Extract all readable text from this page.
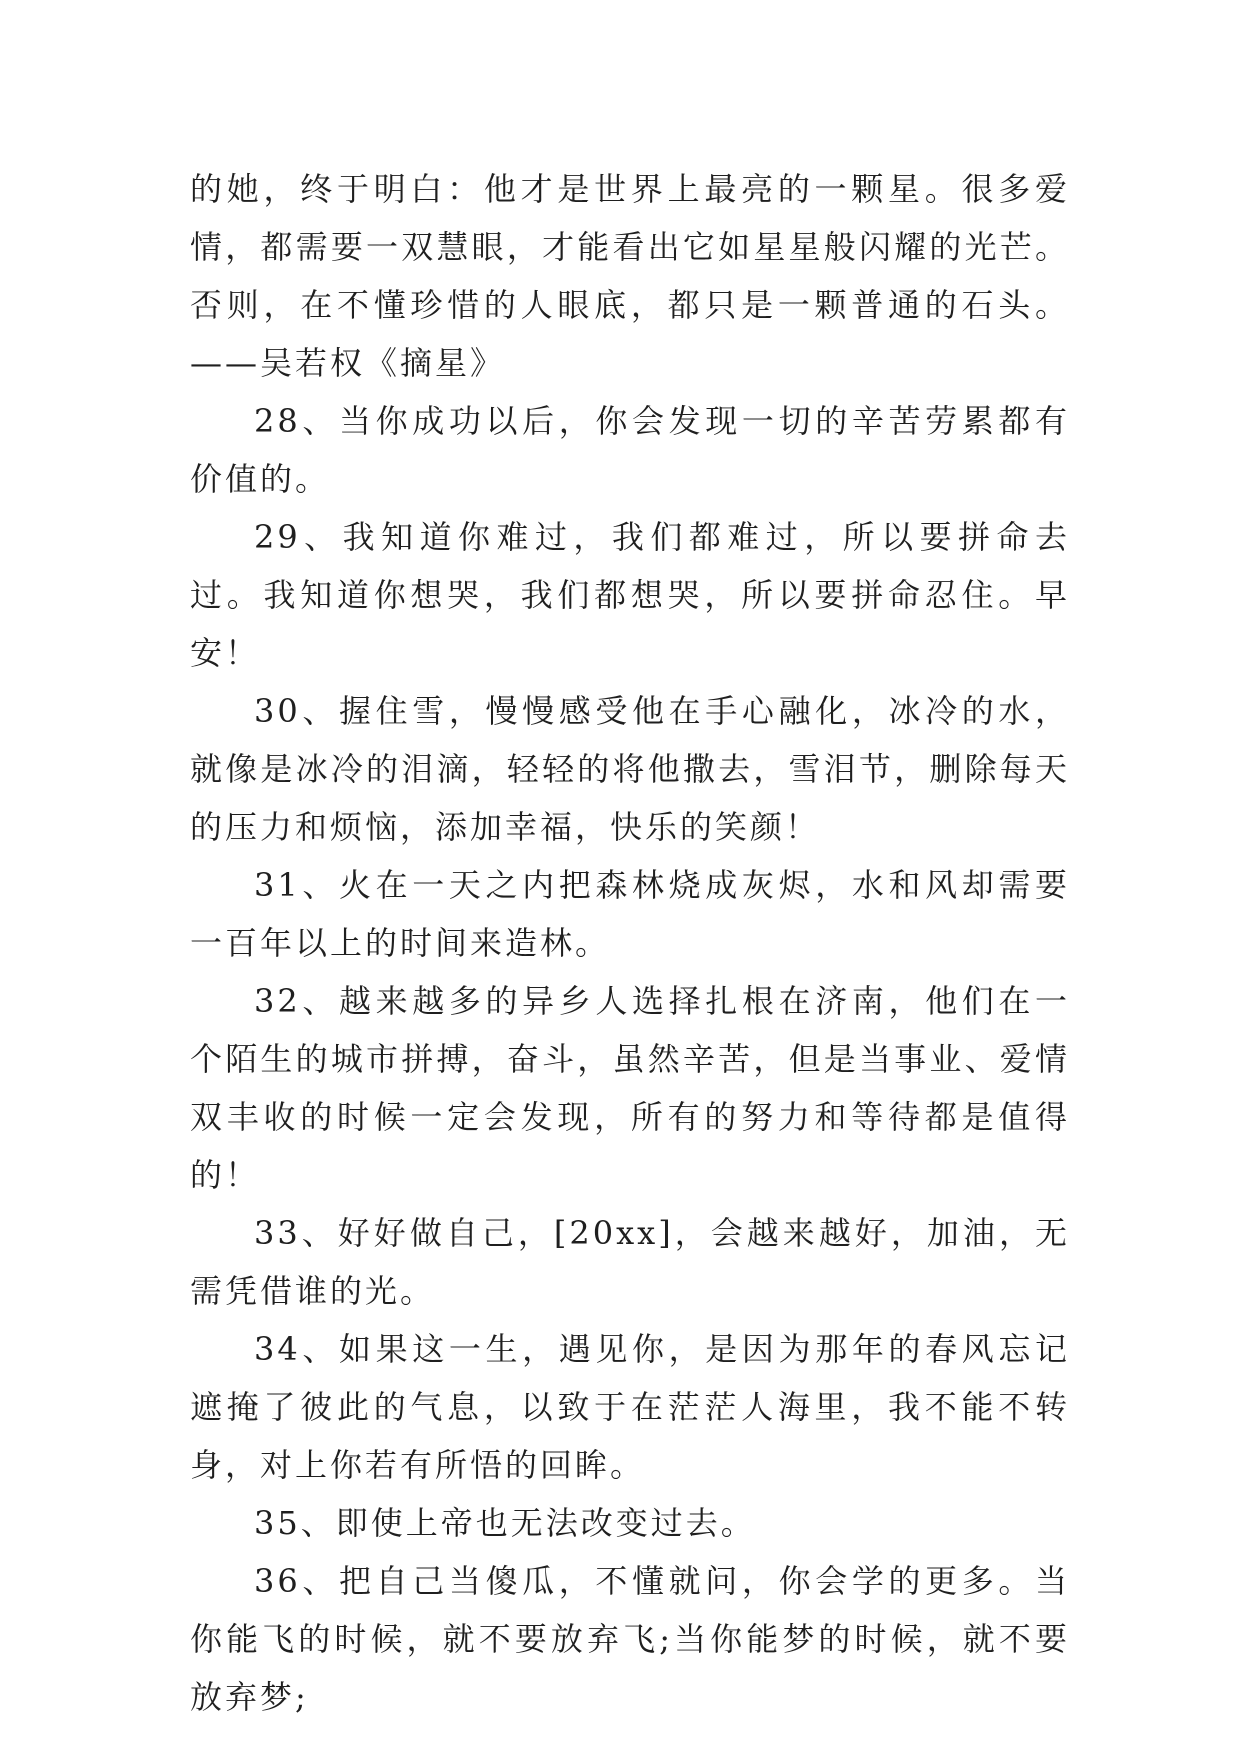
的她，终于明白：他才是世界上最亮的一颗星。很多爱情，都需要一双慧眼，才能看出它如星星般闪耀的光芒。否则，在不懂珍惜的人眼底，都只是一颗普通的石头。——吴若权《摘星》

28、当你成功以后，你会发现一切的辛苦劳累都有价值的。

29、我知道你难过，我们都难过，所以要拼命去过。我知道你想哭，我们都想哭，所以要拼命忍住。早安！

30、握住雪，慢慢感受他在手心融化，冰冷的水，就像是冰冷的泪滴，轻轻的将他撒去，雪泪节，删除每天的压力和烦恼，添加幸福，快乐的笑颜！

31、火在一天之内把森林烧成灰烬，水和风却需要一百年以上的时间来造林。

32、越来越多的异乡人选择扎根在济南，他们在一个陌生的城市拼搏，奋斗，虽然辛苦，但是当事业、爱情双丰收的时候一定会发现，所有的努力和等待都是值得的！

33、好好做自己，[20xx]，会越来越好，加油，无需凭借谁的光。

34、如果这一生，遇见你，是因为那年的春风忘记遮掩了彼此的气息，以致于在茫茫人海里，我不能不转身，对上你若有所悟的回眸。

35、即使上帝也无法改变过去。

36、把自己当傻瓜，不懂就问，你会学的更多。当你能飞的时候，就不要放弃飞;当你能梦的时候，就不要放弃梦;
